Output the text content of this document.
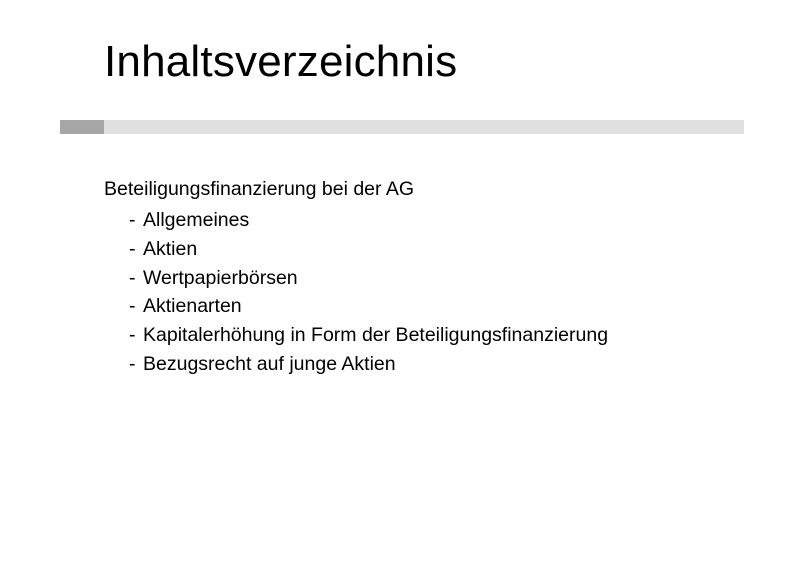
Inhaltsverzeichnis

Beteiligungsfinanzierung bei der AG

- Allgemeines
- Aktien
- Wertpapierbörsen
- Aktienarten
- Kapitalerhöhung in Form der Beteiligungsfinanzierung
- Bezugsrecht auf junge Aktien
